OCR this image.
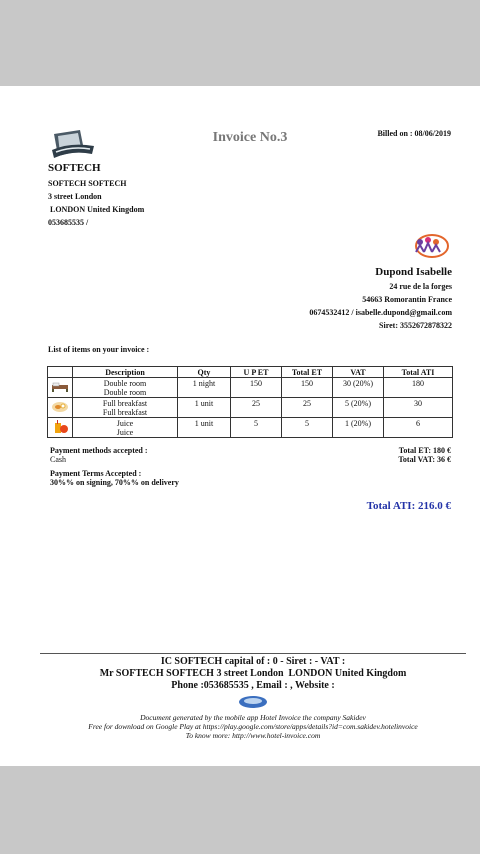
Invoice No.3	Billed on : 08/06/2019
SOFTECH
SOFTECH SOFTECH
3 street London
LONDON United Kingdom
053685535 /
Dupond Isabelle
24 rue de la forges
54663 Romorantin France
0674532412 / isabelle.dupond@gmail.com
Siret: 3552672878322
List of items on your invoice :
	Description	Qty	U P ET	Total ET	VAT	Total ATI

Double room
Double room	1 night	150	150	30 (20%)	180

Full breakfast
Full breakfast	1 unit	25	25	5 (20%)	30

Juice
Juice	1 unit	5	5	1 (20%)	6
Payment methods accepted :
Cash
Total ET: 180 €
Total VAT: 36 €
Payment Terms Accepted :
30%% on signing, 70%% on delivery
Total ATI: 216.0 €
IC SOFTECH capital of : 0 - Siret : - VAT :
Mr SOFTECH SOFTECH 3 street London  LONDON United Kingdom
Phone :053685535 , Email : , Website :
Document generated by the mobile app Hotel Invoice the company Sakidev
Free for download on Google Play at https://play.google.com/store/apps/details?id=com.sakidev.hotelinvoice
To know more: http://www.hotel-invoice.com
